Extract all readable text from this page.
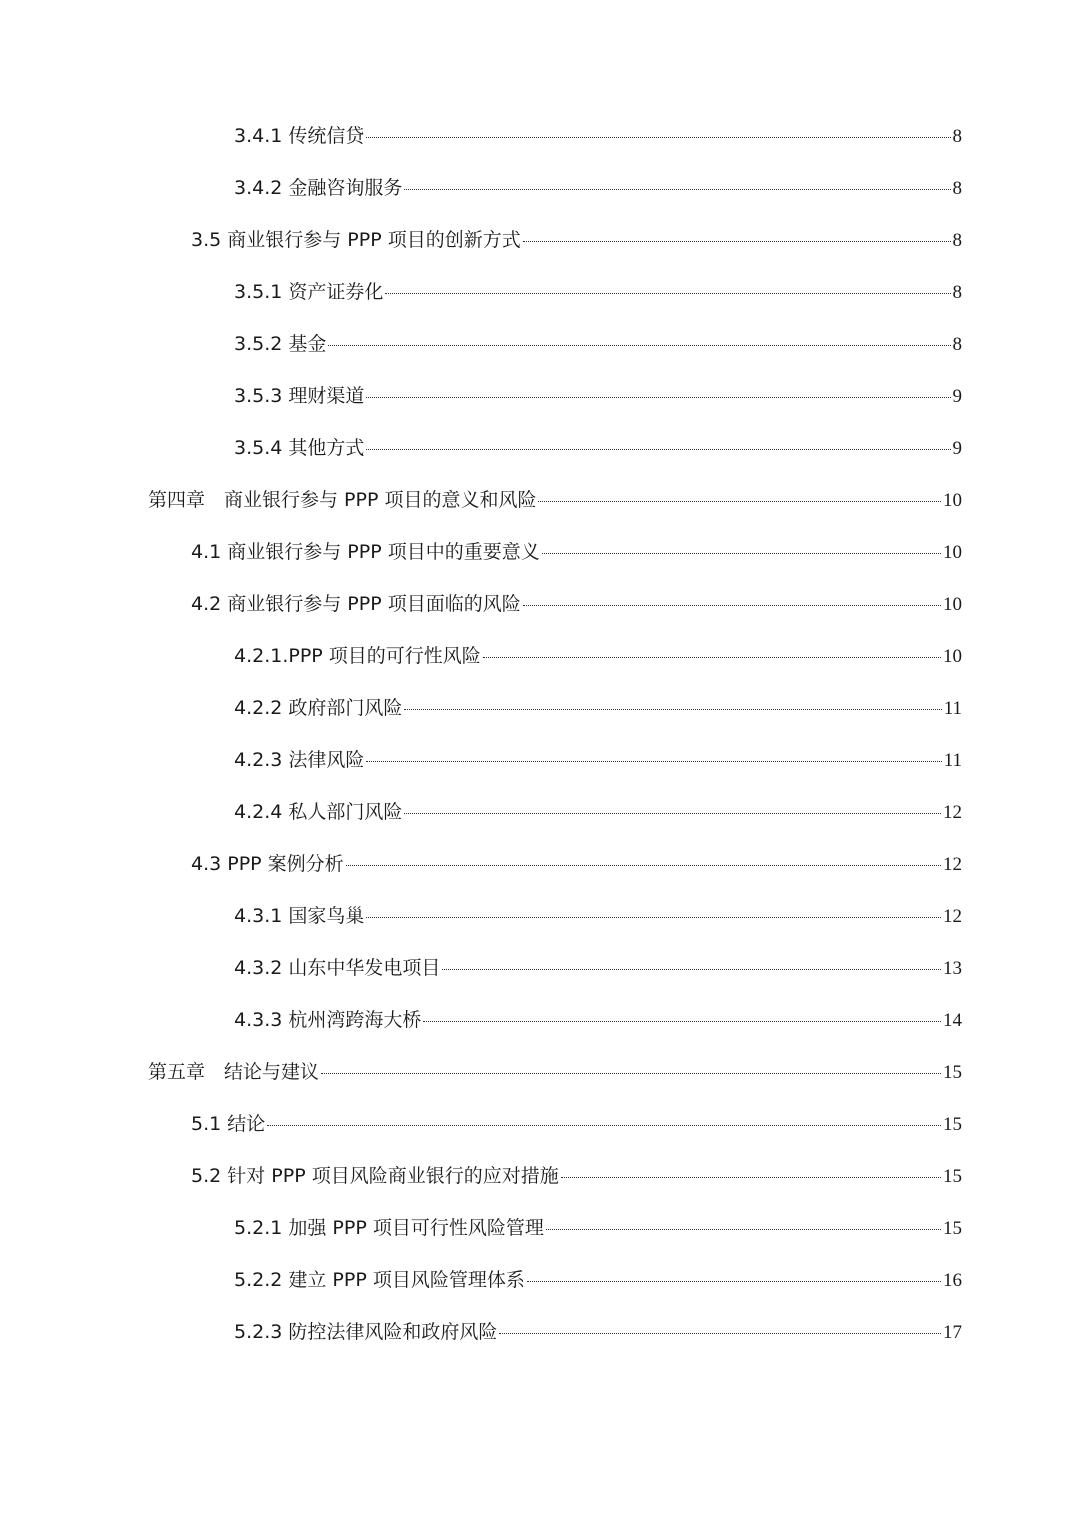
3.4.1 传统信贷	8
3.4.2 金融咨询服务	8
3.5 商业银行参与 PPP 项目的创新方式	8
3.5.1 资产证券化	8
3.5.2 基金	8
3.5.3 理财渠道	9
3.5.4 其他方式	9
第四章　商业银行参与 PPP 项目的意义和风险	10
4.1 商业银行参与 PPP 项目中的重要意义	10
4.2 商业银行参与 PPP 项目面临的风险	10
4.2.1.PPP 项目的可行性风险	10
4.2.2 政府部门风险	11
4.2.3 法律风险	11
4.2.4 私人部门风险	12
4.3 PPP 案例分析	12
4.3.1 国家鸟巢	12
4.3.2 山东中华发电项目	13
4.3.3 杭州湾跨海大桥	14
第五章　结论与建议	15
5.1 结论	15
5.2 针对 PPP 项目风险商业银行的应对措施	15
5.2.1 加强 PPP 项目可行性风险管理	15
5.2.2 建立 PPP 项目风险管理体系	16
5.2.3 防控法律风险和政府风险	17
